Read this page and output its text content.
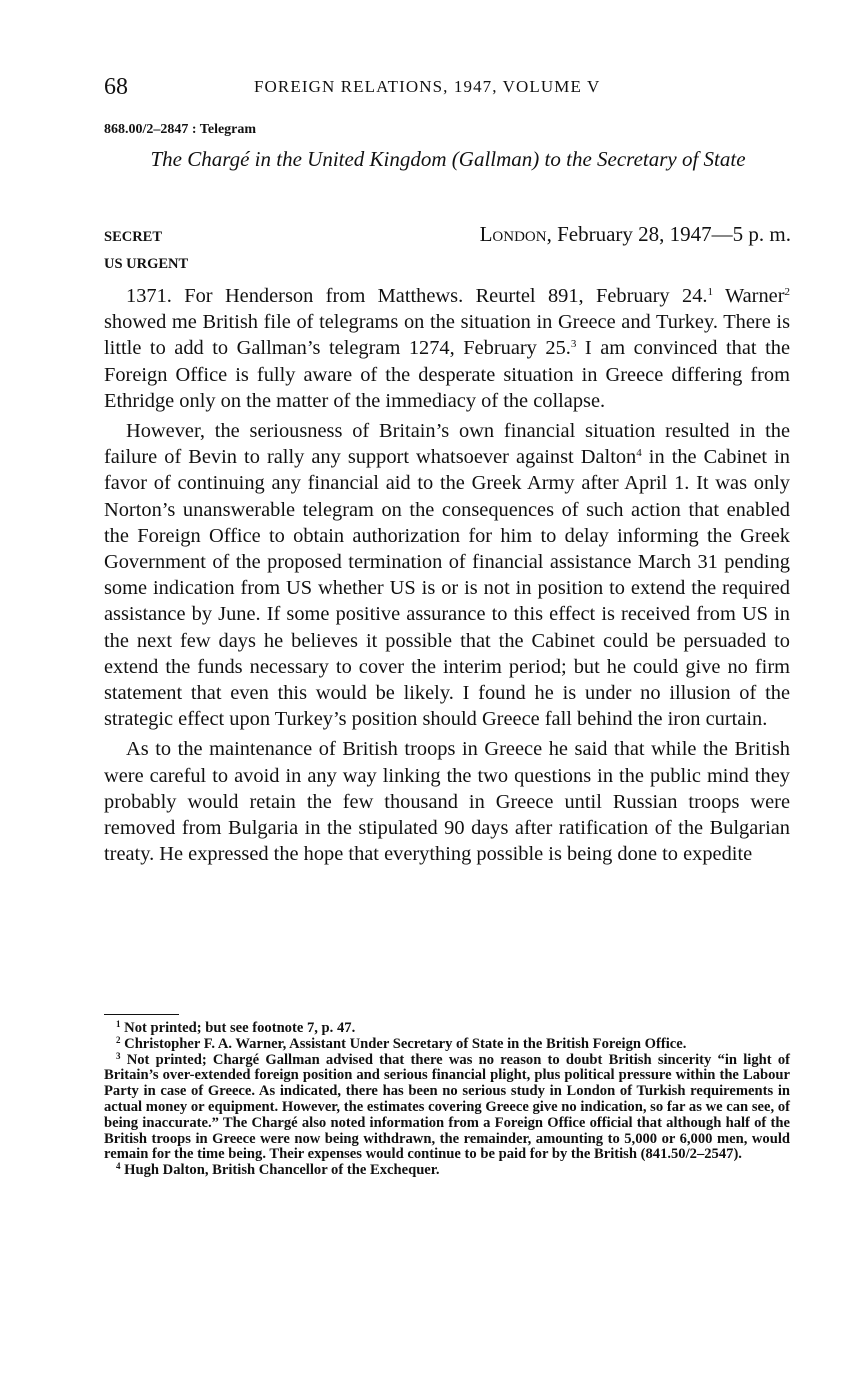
68	FOREIGN RELATIONS, 1947, VOLUME V
868.00/2–2847 : Telegram
The Chargé in the United Kingdom (Gallman) to the Secretary of State
SECRET	London, February 28, 1947—5 p. m.
US URGENT

1371. For Henderson from Matthews. Reurtel 891, February 24.$^1$ Warner$^2$ showed me British file of telegrams on the situation in Greece and Turkey. There is little to add to Gallman’s telegram 1274, February 25.$^3$ I am convinced that the Foreign Office is fully aware of the desperate situation in Greece differing from Ethridge only on the matter of the immediacy of the collapse.

However, the seriousness of Britain’s own financial situation resulted in the failure of Bevin to rally any support whatsoever against Dalton$^4$ in the Cabinet in favor of continuing any financial aid to the Greek Army after April 1. It was only Norton’s unanswerable telegram on the consequences of such action that enabled the Foreign Office to obtain authorization for him to delay informing the Greek Government of the proposed termination of financial assistance March 31 pending some indication from US whether US is or is not in position to extend the required assistance by June. If some positive assurance to this effect is received from US in the next few days he believes it possible that the Cabinet could be persuaded to extend the funds necessary to cover the interim period; but he could give no firm statement that even this would be likely. I found he is under no illusion of the strategic effect upon Turkey’s position should Greece fall behind the iron curtain.

As to the maintenance of British troops in Greece he said that while the British were careful to avoid in any way linking the two questions in the public mind they probably would retain the few thousand in Greece until Russian troops were removed from Bulgaria in the stipulated 90 days after ratification of the Bulgarian treaty. He expressed the hope that everything possible is being done to expedite

$^1$ Not printed; but see footnote 7, p. 47.

$^2$ Christopher F. A. Warner, Assistant Under Secretary of State in the British Foreign Office.

$^3$ Not printed; Chargé Gallman advised that there was no reason to doubt British sincerity “in light of Britain’s over-extended foreign position and serious financial plight, plus political pressure within the Labour Party in case of Greece. As indicated, there has been no serious study in London of Turkish requirements in actual money or equipment. However, the estimates covering Greece give no indication, so far as we can see, of being inaccurate.” The Chargé also noted information from a Foreign Office official that although half of the British troops in Greece were now being withdrawn, the remainder, amounting to 5,000 or 6,000 men, would remain for the time being. Their expenses would continue to be paid for by the British (841.50/2–2547).

$^4$ Hugh Dalton, British Chancellor of the Exchequer.
